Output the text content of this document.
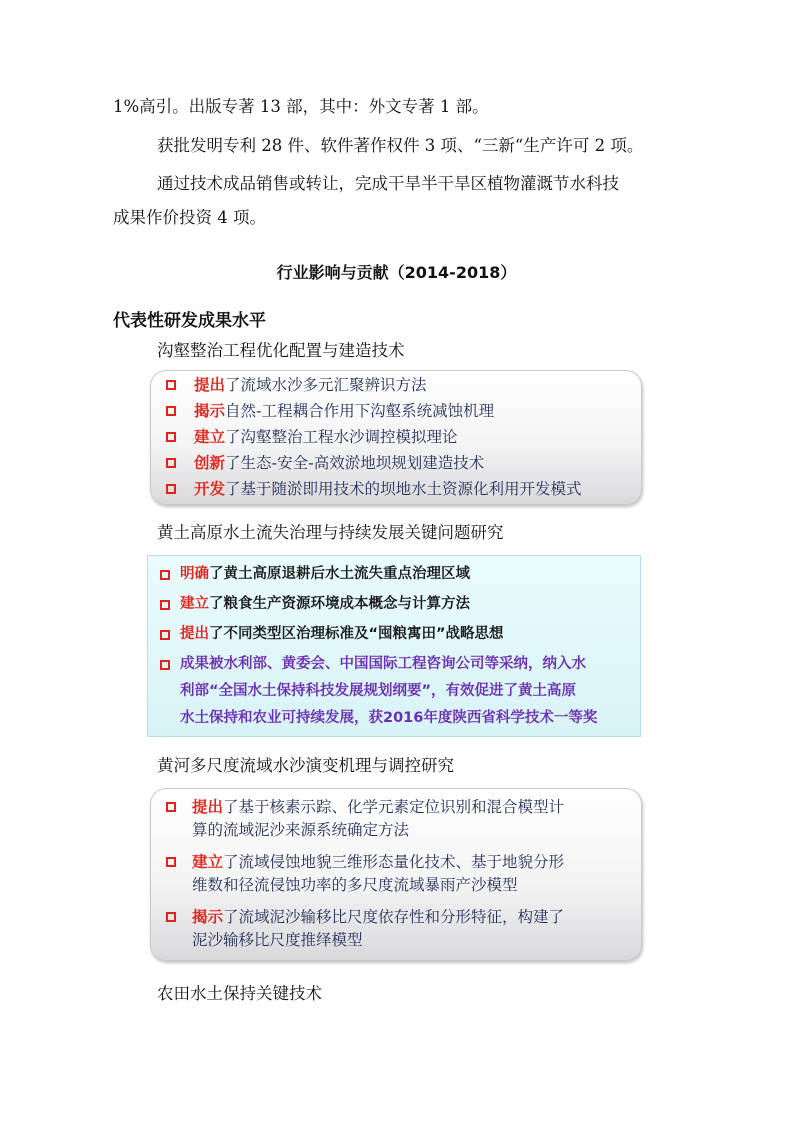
1%高引。出版专著 13 部，其中：外文专著 1 部。
获批发明专利 28 件、软件著作权件 3 项、“三新“生产许可 2 项。
通过技术成品销售或转让，完成干旱半干旱区植物灌溉节水科技
成果作价投资 4 项。
行业影响与贡献（2014-2018）
代表性研发成果水平
沟壑整治工程优化配置与建造技术
提出了流域水沙多元汇聚辨识方法
揭示自然-工程耦合作用下沟壑系统减蚀机理
建立了沟壑整治工程水沙调控模拟理论
创新了生态-安全-高效淤地坝规划建造技术
开发了基于随淤即用技术的坝地水土资源化利用开发模式
黄土高原水土流失治理与持续发展关键问题研究
明确了黄土高原退耕后水土流失重点治理区域
建立了粮食生产资源环境成本概念与计算方法
提出了不同类型区治理标准及“囤粮寓田”战略思想
成果被水利部、黄委会、中国国际工程咨询公司等采纳，纳入水
利部“全国水土保持科技发展规划纲要”，有效促进了黄土高原
水土保持和农业可持续发展，获2016年度陕西省科学技术一等奖
黄河多尺度流域水沙演变机理与调控研究
提出了基于核素示踪、化学元素定位识别和混合模型计
算的流域泥沙来源系统确定方法
建立了流域侵蚀地貌三维形态量化技术、基于地貌分形
维数和径流侵蚀功率的多尺度流域暴雨产沙模型
揭示了流域泥沙输移比尺度依存性和分形特征，构建了
泥沙输移比尺度推绎模型
农田水土保持关键技术
